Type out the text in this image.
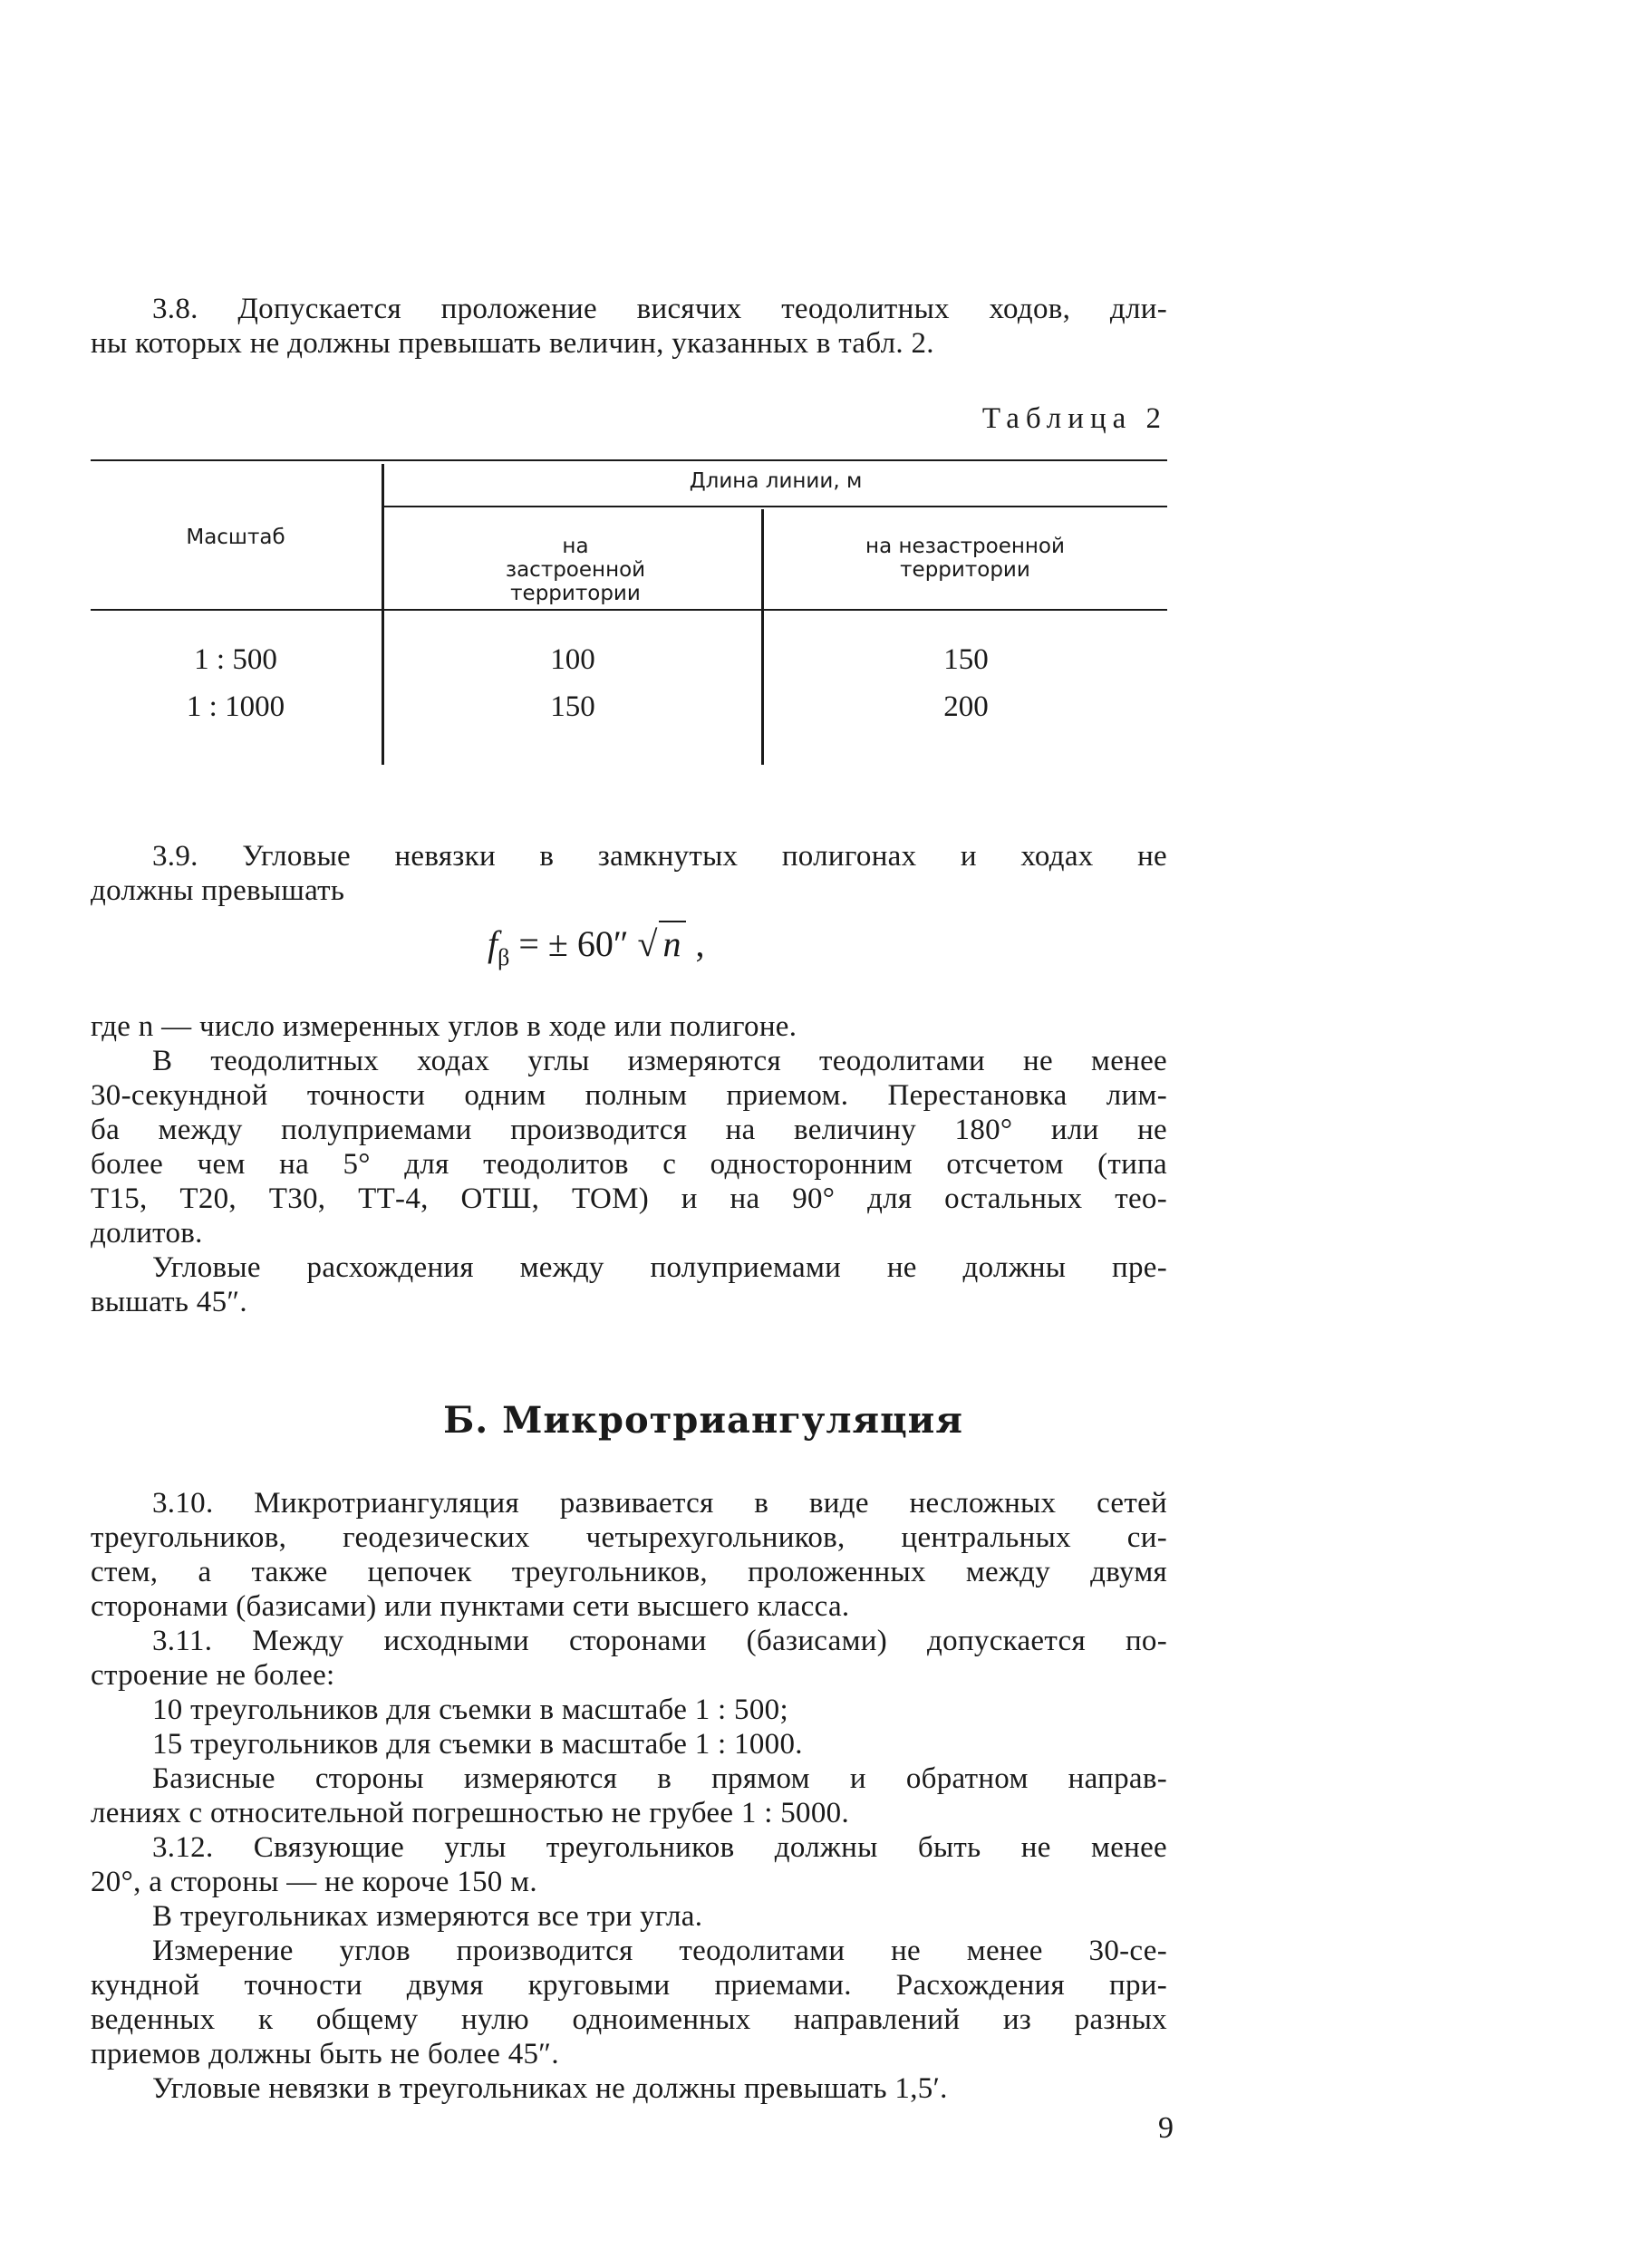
3.8. Допускается проложение висячих теодолитных ходов, дли-
ны которых не должны превышать величин, указанных в табл. 2.

Таблица 2
Масштаб
Длина линии, м
на застроенной территории
на незастроенной территории
1 : 500	100	150
1 : 1000	150	200

3.9. Угловые невязки в замкнутых полигонах и ходах не
должны превышать

$f_\beta$ = ± 60″ √ n ,

где n — число измеренных углов в ходе или полигоне.
В теодолитных ходах углы измеряются теодолитами не менее
30-секундной точности одним полным приемом. Перестановка лим-
ба между полуприемами производится на величину 180° или не
более чем на 5° для теодолитов с односторонним отсчетом (типа
Т15, Т20, Т30, ТТ-4, ОТШ, ТОМ) и на 90° для остальных тео-
долитов.
Угловые расхождения между полуприемами не должны пре-
вышать 45″.

Б. Микротриангуляция

3.10. Микротриангуляция развивается в виде несложных сетей
треугольников, геодезических четырехугольников, центральных си-
стем, а также цепочек треугольников, проложенных между двумя
сторонами (базисами) или пунктами сети высшего класса.

3.11. Между исходными сторонами (базисами) допускается по-
строение не более:
10 треугольников для съемки в масштабе 1 : 500;
15 треугольников для съемки в масштабе 1 : 1000.
Базисные стороны измеряются в прямом и обратном направ-
лениях с относительной погрешностью не грубее 1 : 5000.

3.12. Связующие углы треугольников должны быть не менее
20°, а стороны — не короче 150 м.
В треугольниках измеряются все три угла.
Измерение углов производится теодолитами не менее 30-се-
кундной точности двумя круговыми приемами. Расхождения при-
веденных к общему нулю одноименных направлений из разных
приемов должны быть не более 45″.
Угловые невязки в треугольниках не должны превышать 1,5′.

9
